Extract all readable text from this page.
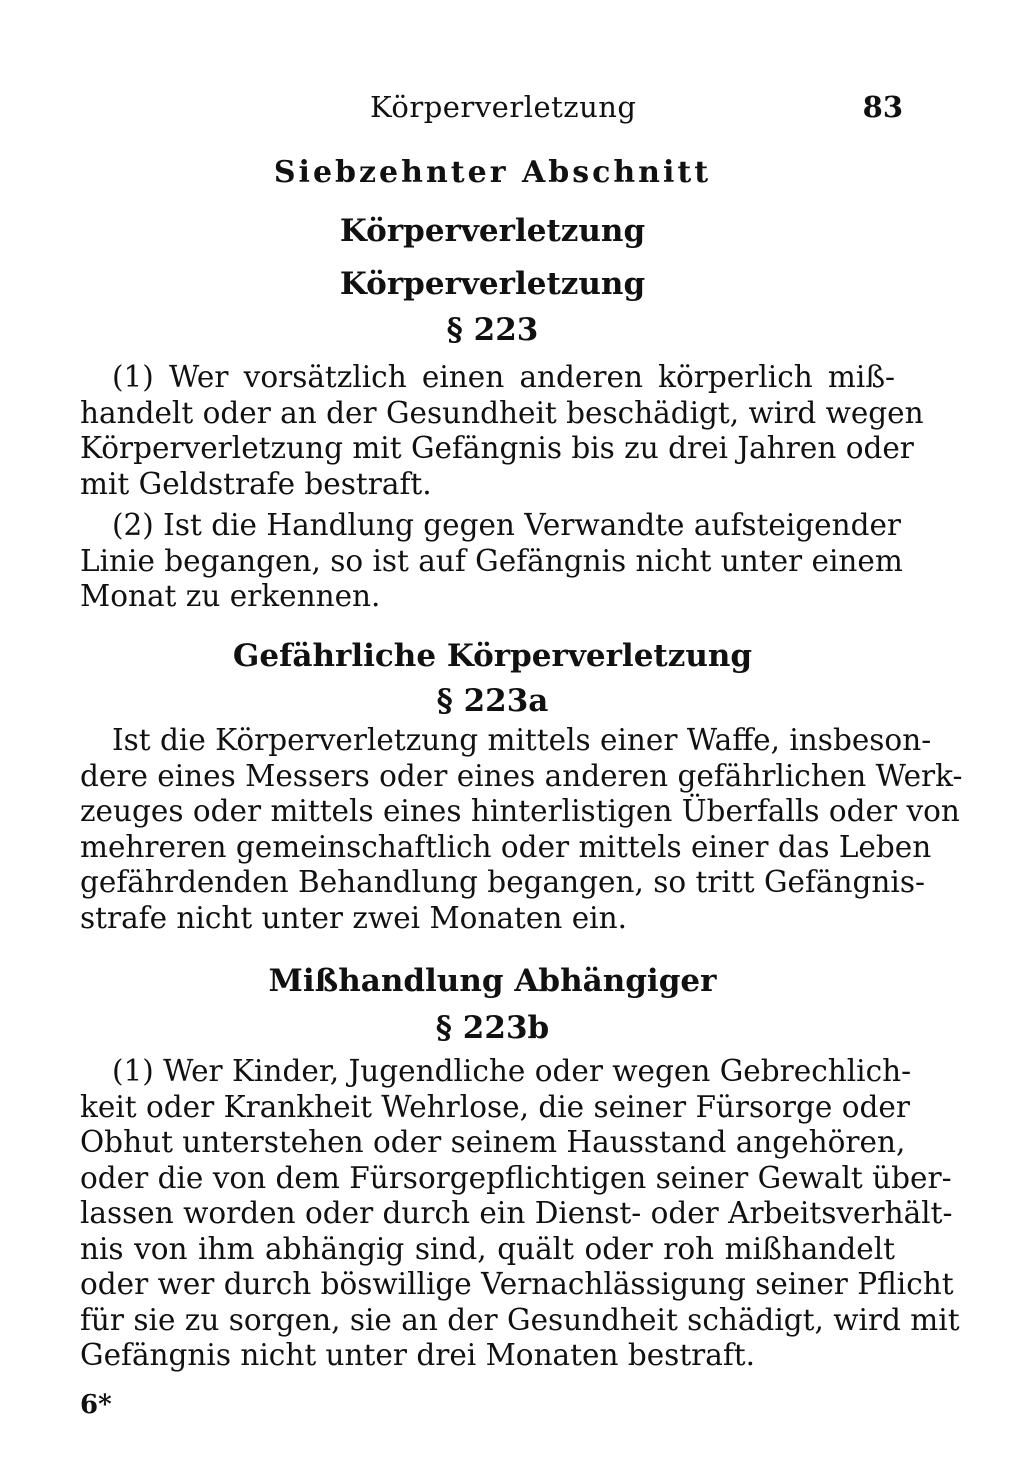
Körperverletzung	83
Siebzehnter Abschnitt
Körperverletzung
Körperverletzung
§ 223
(1) Wer vorsätzlich einen anderen körperlich miß-
handelt oder an der Gesundheit beschädigt, wird wegen
Körperverletzung mit Gefängnis bis zu drei Jahren oder
mit Geldstrafe bestraft.
(2) Ist die Handlung gegen Verwandte aufsteigender
Linie begangen, so ist auf Gefängnis nicht unter einem
Monat zu erkennen.
Gefährliche Körperverletzung
§ 223a
Ist die Körperverletzung mittels einer Waffe, insbeson-
dere eines Messers oder eines anderen gefährlichen Werk-
zeuges oder mittels eines hinterlistigen Überfalls oder von
mehreren gemeinschaftlich oder mittels einer das Leben
gefährdenden Behandlung begangen, so tritt Gefängnis-
strafe nicht unter zwei Monaten ein.
Mißhandlung Abhängiger
§ 223b
(1) Wer Kinder, Jugendliche oder wegen Gebrechlich-
keit oder Krankheit Wehrlose, die seiner Fürsorge oder
Obhut unterstehen oder seinem Hausstand angehören,
oder die von dem Fürsorgepflichtigen seiner Gewalt über-
lassen worden oder durch ein Dienst- oder Arbeitsverhält-
nis von ihm abhängig sind, quält oder roh mißhandelt
oder wer durch böswillige Vernachlässigung seiner Pflicht
für sie zu sorgen, sie an der Gesundheit schädigt, wird mit
Gefängnis nicht unter drei Monaten bestraft.
6*
